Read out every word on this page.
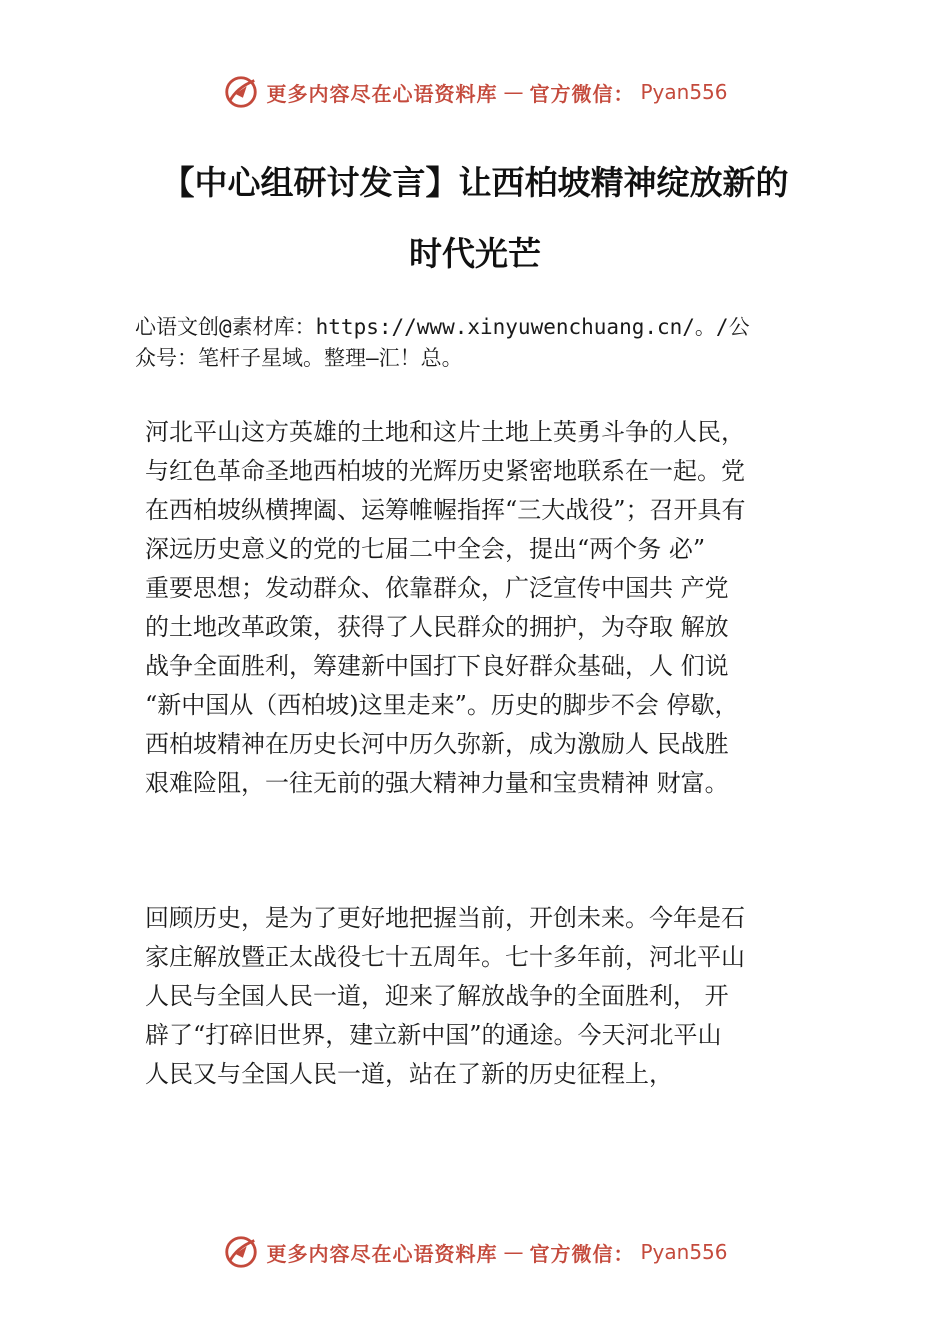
更多内容尽在心语资料库 — 官方微信： Pyan556
【中心组研讨发言】让西柏坡精神绽放新的
时代光芒
心语文创@素材库：https://www.xinyuwenchuang.cn/。/公
众号：笔杆子星域。整理—汇！总。
河北平山这方英雄的土地和这片土地上英勇斗争的人民，
与红色革命圣地西柏坡的光辉历史紧密地联系在一起。党
在西柏坡纵横捭阖、运筹帷幄指挥“三大战役”；召开具有
深远历史意义的党的七届二中全会，提出“两个务 必”
重要思想；发动群众、依靠群众，广泛宣传中国共 产党
的土地改革政策，获得了人民群众的拥护，为夺取 解放
战争全面胜利，筹建新中国打下良好群众基础，人 们说
“新中国从（西柏坡)这里走来”。历史的脚步不会 停歇，
西柏坡精神在历史长河中历久弥新，成为激励人 民战胜
艰难险阻，一往无前的强大精神力量和宝贵精神 财富。
回顾历史，是为了更好地把握当前，开创未来。今年是石
家庄解放暨正太战役七十五周年。七十多年前，河北平山
人民与全国人民一道，迎来了解放战争的全面胜利， 开
辟了“打碎旧世界，建立新中国”的通途。今天河北平山
人民又与全国人民一道，站在了新的历史征程上，
更多内容尽在心语资料库 — 官方微信： Pyan556
